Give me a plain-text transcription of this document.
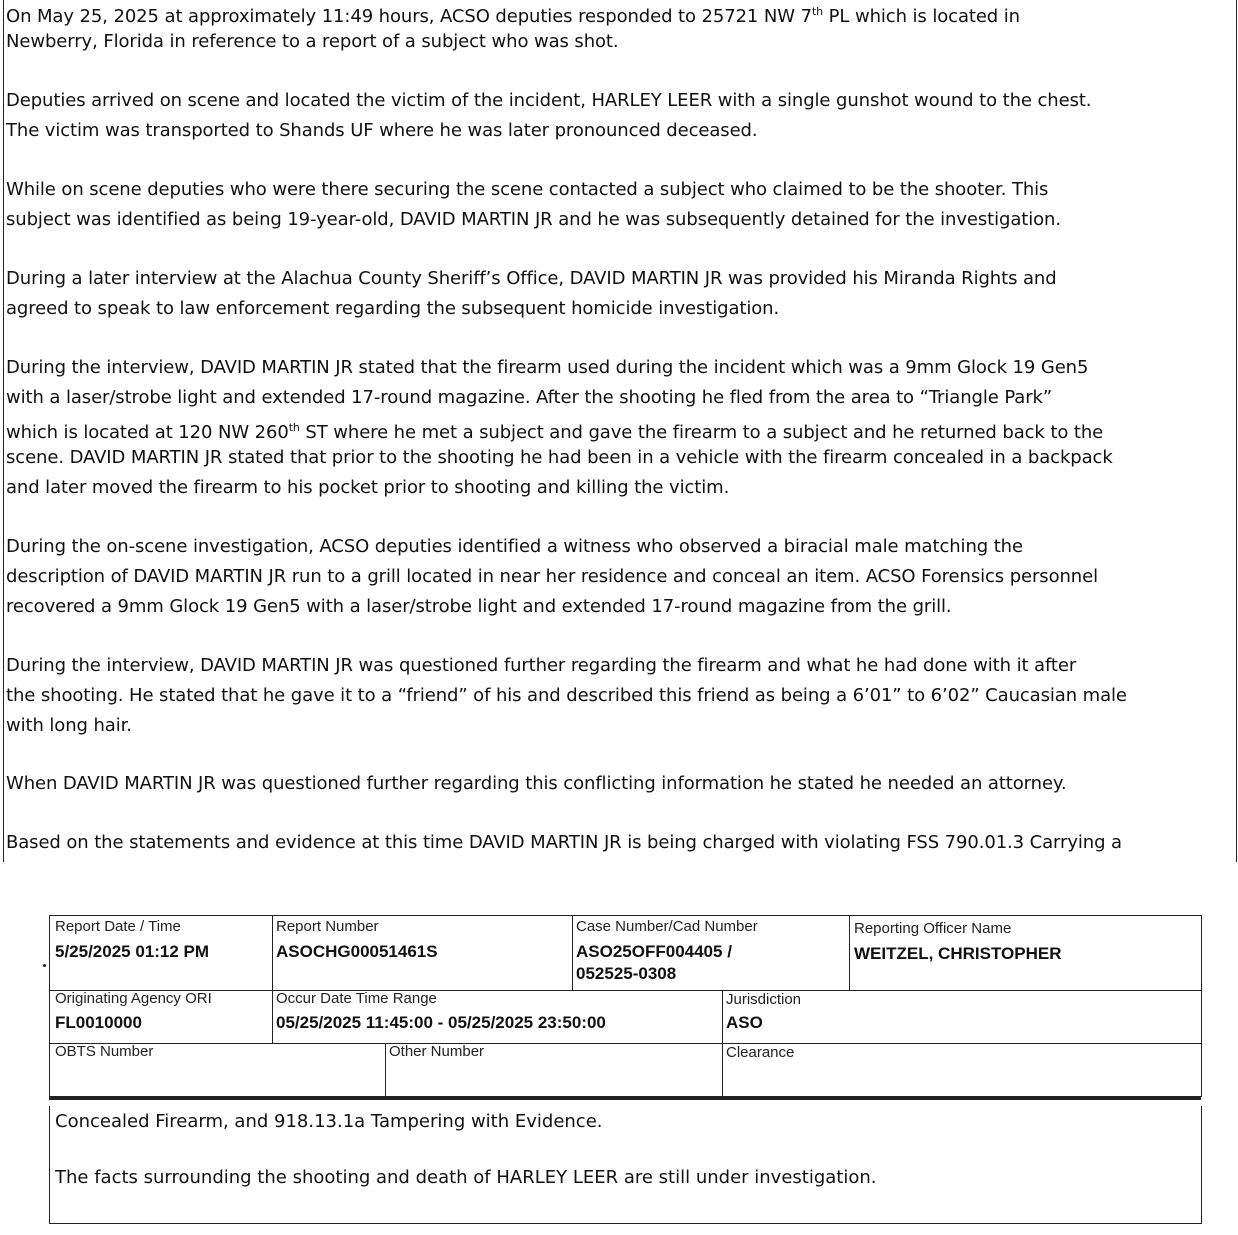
On May 25, 2025 at approximately 11:49 hours, ACSO deputies responded to 25721 NW 7th PL which is located in
Newberry, Florida in reference to a report of a subject who was shot.
Deputies arrived on scene and located the victim of the incident, HARLEY LEER with a single gunshot wound to the chest.
The victim was transported to Shands UF where he was later pronounced deceased.
While on scene deputies who were there securing the scene contacted a subject who claimed to be the shooter. This
subject was identified as being 19-year-old, DAVID MARTIN JR and he was subsequently detained for the investigation.
During a later interview at the Alachua County Sheriff’s Office, DAVID MARTIN JR was provided his Miranda Rights and
agreed to speak to law enforcement regarding the subsequent homicide investigation.
During the interview, DAVID MARTIN JR stated that the firearm used during the incident which was a 9mm Glock 19 Gen5
with a laser/strobe light and extended 17-round magazine. After the shooting he fled from the area to “Triangle Park”
which is located at 120 NW 260th ST where he met a subject and gave the firearm to a subject and he returned back to the
scene. DAVID MARTIN JR stated that prior to the shooting he had been in a vehicle with the firearm concealed in a backpack
and later moved the firearm to his pocket prior to shooting and killing the victim.
During the on-scene investigation, ACSO deputies identified a witness who observed a biracial male matching the
description of DAVID MARTIN JR run to a grill located in near her residence and conceal an item. ACSO Forensics personnel
recovered a 9mm Glock 19 Gen5 with a laser/strobe light and extended 17-round magazine from the grill.
During the interview, DAVID MARTIN JR was questioned further regarding the firearm and what he had done with it after
the shooting. He stated that he gave it to a “friend” of his and described this friend as being a 6’01” to 6’02” Caucasian male
with long hair.
When DAVID MARTIN JR was questioned further regarding this conflicting information he stated he needed an attorney.
Based on the statements and evidence at this time DAVID MARTIN JR is being charged with violating FSS 790.01.3 Carrying a
Report Date / Time
5/25/2025 01:12 PM
Report Number
ASOCHG00051461S
Case Number/Cad Number
ASO25OFF004405 /
052525-0308
Reporting Officer Name
WEITZEL, CHRISTOPHER
Originating Agency ORI
FL0010000
Occur Date Time Range
05/25/2025 11:45:00 - 05/25/2025 23:50:00
Jurisdiction
ASO
OBTS Number	Other Number	Clearance
Concealed Firearm, and 918.13.1a Tampering with Evidence.
The facts surrounding the shooting and death of HARLEY LEER are still under investigation.
